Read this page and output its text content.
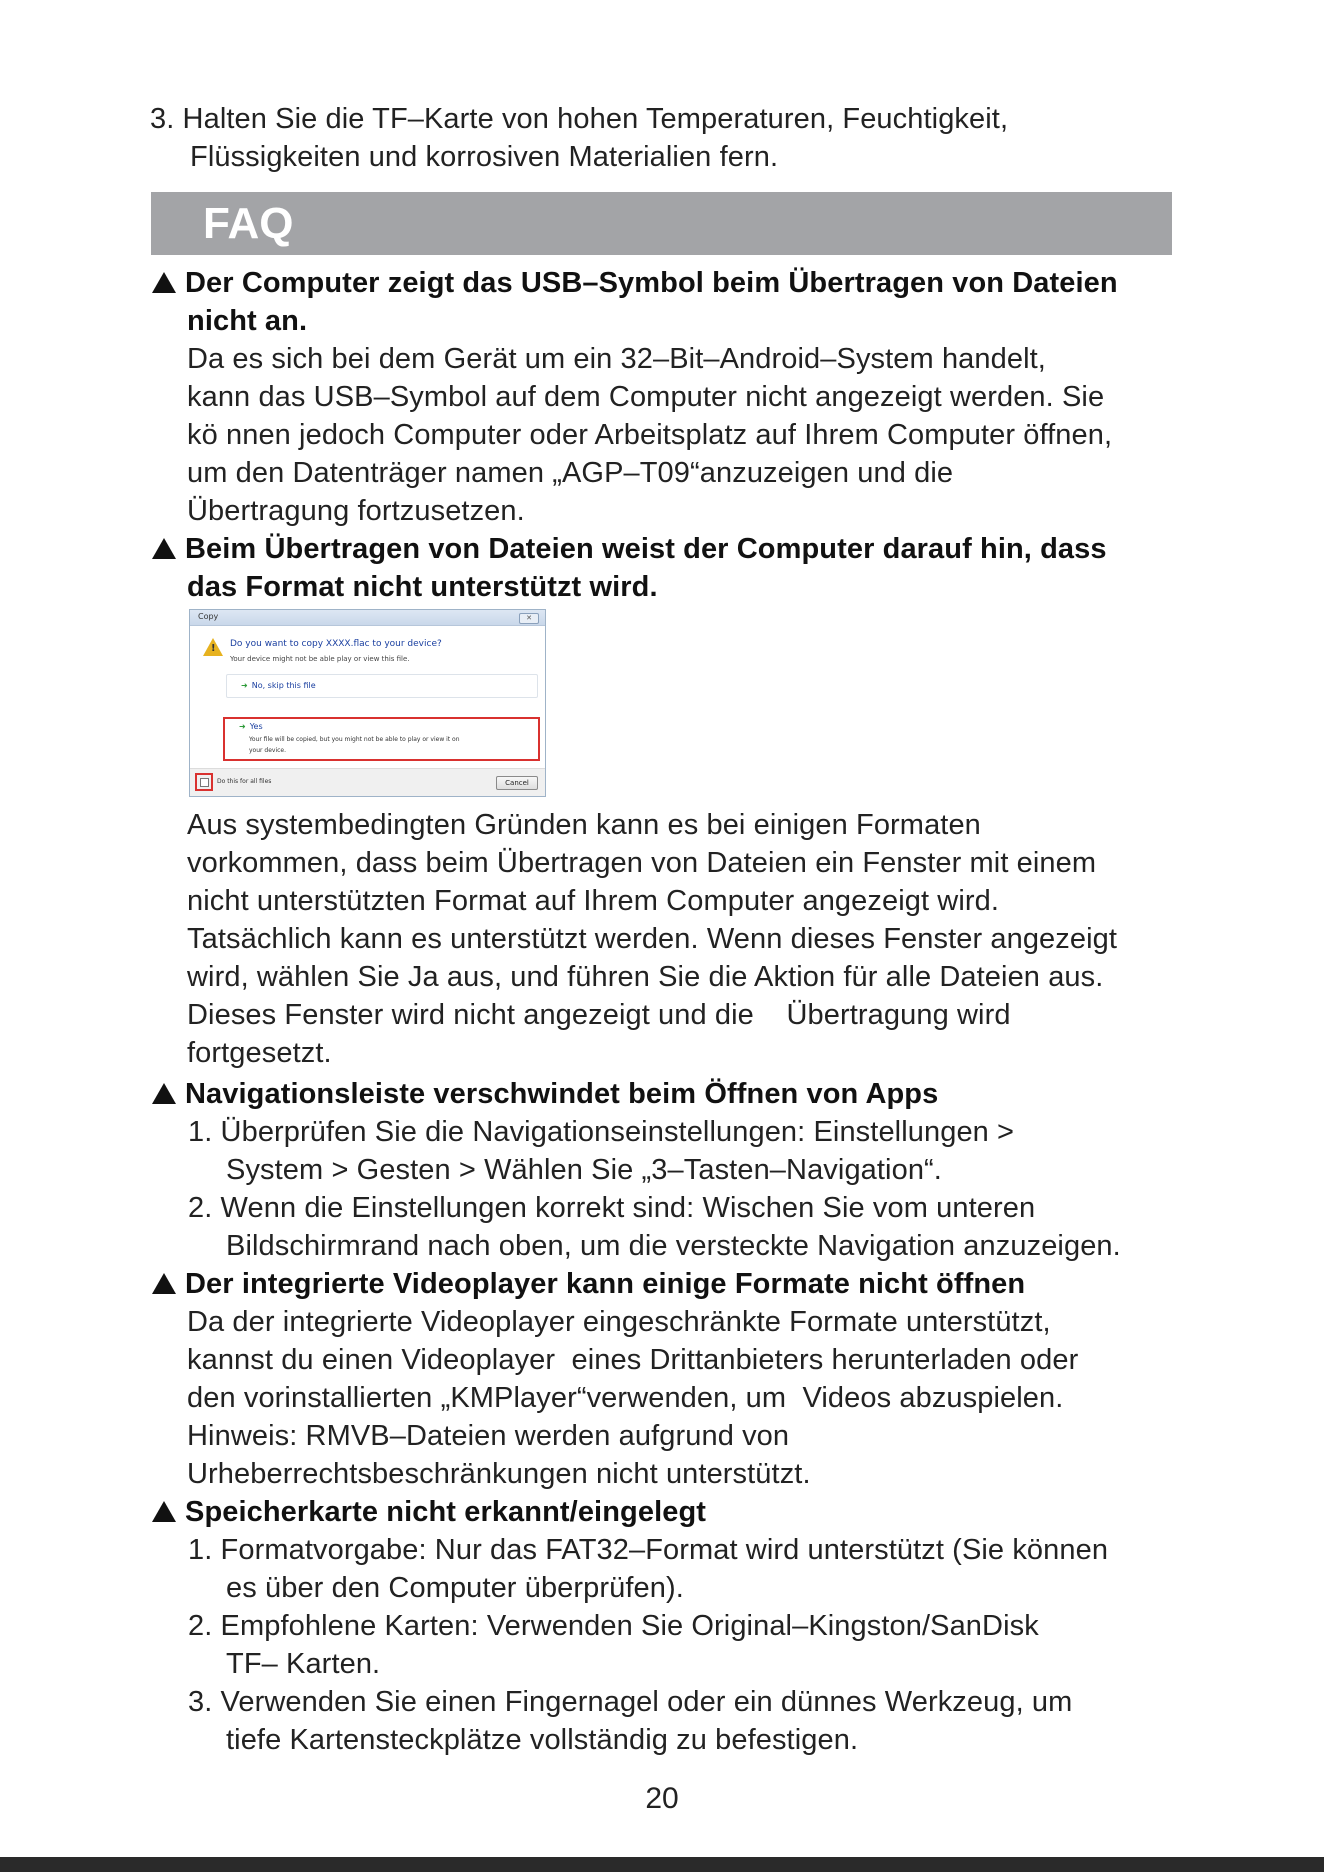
3. Halten Sie die TF–Karte von hohen Temperaturen, Feuchtigkeit,
Flüssigkeiten und korrosiven Materialien fern.
FAQ
Der Computer zeigt das USB–Symbol beim Übertragen von Dateien
nicht an.
Da es sich bei dem Gerät um ein 32–Bit–Android–System handelt,
kann das USB–Symbol auf dem Computer nicht angezeigt werden. Sie
kö nnen jedoch Computer oder Arbeitsplatz auf Ihrem Computer öffnen,
um den Datenträger namen „AGP–T09“anzuzeigen und die
Übertragung fortzusetzen.
Beim Übertragen von Dateien weist der Computer darauf hin, dass
das Format nicht unterstützt wird.
Copy	✕
! Do you want to copy XXXX.flac to your device?
Your device might not be able play or view this file.
➜ No, skip this file
➜ Yes
Your file will be copied, but you might not be able to play or view it on
your device.
Do this for all files	Cancel
Aus systembedingten Gründen kann es bei einigen Formaten
vorkommen, dass beim Übertragen von Dateien ein Fenster mit einem
nicht unterstützten Format auf Ihrem Computer angezeigt wird.
Tatsächlich kann es unterstützt werden. Wenn dieses Fenster angezeigt
wird, wählen Sie Ja aus, und führen Sie die Aktion für alle Dateien aus.
Dieses Fenster wird nicht angezeigt und die    Übertragung wird
fortgesetzt.
Navigationsleiste verschwindet beim Öffnen von Apps
1. Überprüfen Sie die Navigationseinstellungen: Einstellungen >
System > Gesten > Wählen Sie „3–Tasten–Navigation“.
2. Wenn die Einstellungen korrekt sind: Wischen Sie vom unteren
Bildschirmrand nach oben, um die versteckte Navigation anzuzeigen.
Der integrierte Videoplayer kann einige Formate nicht öffnen
Da der integrierte Videoplayer eingeschränkte Formate unterstützt,
kannst du einen Videoplayer  eines Drittanbieters herunterladen oder
den vorinstallierten „KMPlayer“verwenden, um  Videos abzuspielen.
Hinweis: RMVB–Dateien werden aufgrund von
Urheberrechtsbeschränkungen nicht unterstützt.
Speicherkarte nicht erkannt/eingelegt
1. Formatvorgabe: Nur das FAT32–Format wird unterstützt (Sie können
es über den Computer überprüfen).
2. Empfohlene Karten: Verwenden Sie Original–Kingston/SanDisk
TF– Karten.
3. Verwenden Sie einen Fingernagel oder ein dünnes Werkzeug, um
tiefe Kartensteckplätze vollständig zu befestigen.
20
